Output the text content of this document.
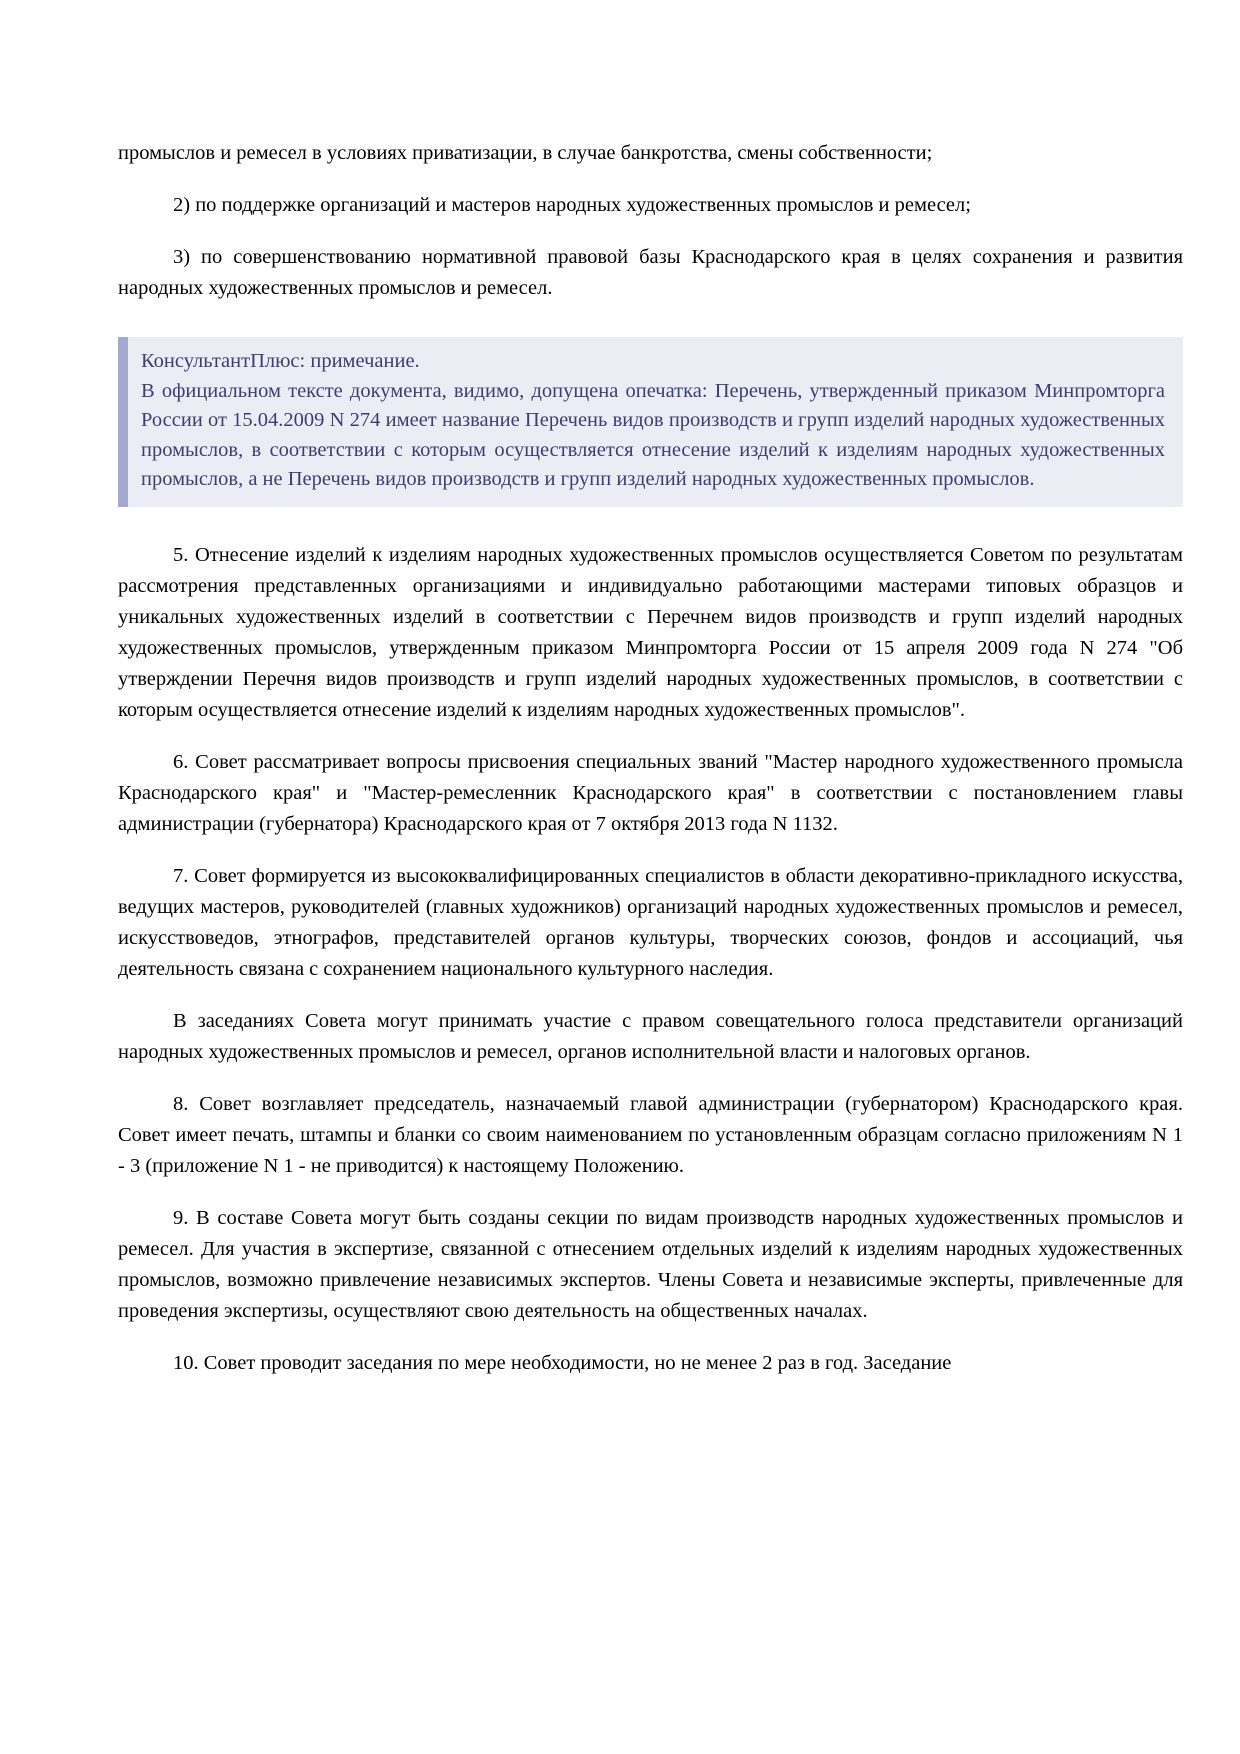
промыслов и ремесел в условиях приватизации, в случае банкротства, смены собственности;

2) по поддержке организаций и мастеров народных художественных промыслов и ремесел;

3) по совершенствованию нормативной правовой базы Краснодарского края в целях сохранения и развития народных художественных промыслов и ремесел.

КонсультантПлюс: примечание.

В официальном тексте документа, видимо, допущена опечатка: Перечень, утвержденный приказом Минпромторга России от 15.04.2009 N 274 имеет название Перечень видов производств и групп изделий народных художественных промыслов, в соответствии с которым осуществляется отнесение изделий к изделиям народных художественных промыслов, а не Перечень видов производств и групп изделий народных художественных промыслов.

5. Отнесение изделий к изделиям народных художественных промыслов осуществляется Советом по результатам рассмотрения представленных организациями и индивидуально работающими мастерами типовых образцов и уникальных художественных изделий в соответствии с Перечнем видов производств и групп изделий народных художественных промыслов, утвержденным приказом Минпромторга России от 15 апреля 2009 года N 274 "Об утверждении Перечня видов производств и групп изделий народных художественных промыслов, в соответствии с которым осуществляется отнесение изделий к изделиям народных художественных промыслов".

6. Совет рассматривает вопросы присвоения специальных званий "Мастер народного художественного промысла Краснодарского края" и "Мастер-ремесленник Краснодарского края" в соответствии с постановлением главы администрации (губернатора) Краснодарского края от 7 октября 2013 года N 1132.

7. Совет формируется из высококвалифицированных специалистов в области декоративно-прикладного искусства, ведущих мастеров, руководителей (главных художников) организаций народных художественных промыслов и ремесел, искусствоведов, этнографов, представителей органов культуры, творческих союзов, фондов и ассоциаций, чья деятельность связана с сохранением национального культурного наследия.

В заседаниях Совета могут принимать участие с правом совещательного голоса представители организаций народных художественных промыслов и ремесел, органов исполнительной власти и налоговых органов.

8. Совет возглавляет председатель, назначаемый главой администрации (губернатором) Краснодарского края. Совет имеет печать, штампы и бланки со своим наименованием по установленным образцам согласно приложениям N 1 - 3 (приложение N 1 - не приводится) к настоящему Положению.

9. В составе Совета могут быть созданы секции по видам производств народных художественных промыслов и ремесел. Для участия в экспертизе, связанной с отнесением отдельных изделий к изделиям народных художественных промыслов, возможно привлечение независимых экспертов. Члены Совета и независимые эксперты, привлеченные для проведения экспертизы, осуществляют свою деятельность на общественных началах.

10. Совет проводит заседания по мере необходимости, но не менее 2 раз в год. Заседание
